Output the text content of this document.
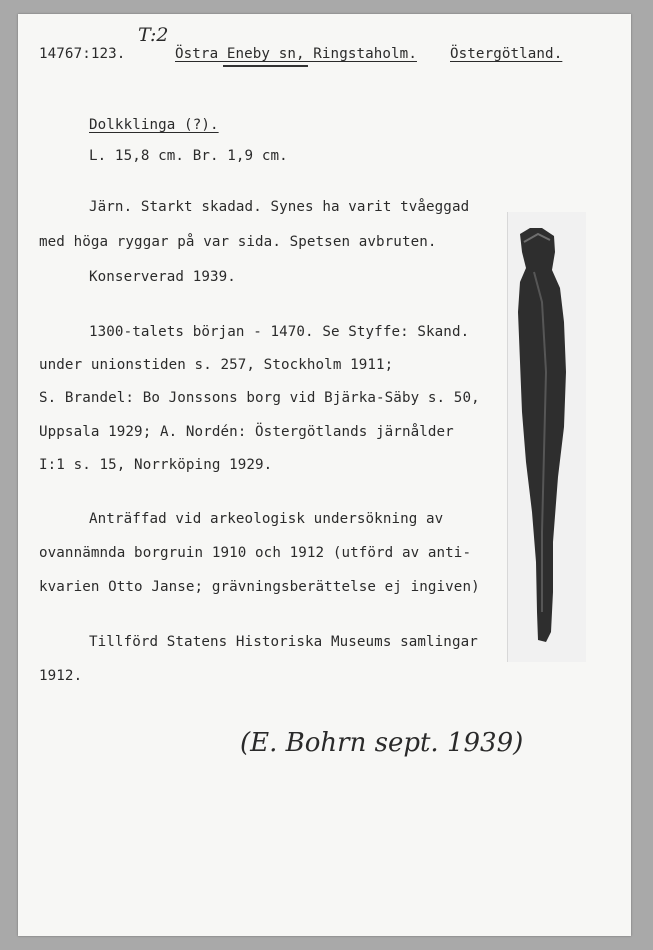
14767:123.
T:2
Östra Eneby sn, Ringstaholm. Östergötland.
Dolkklinga (?).
L. 15,8 cm. Br. 1,9 cm.
Järn. Starkt skadad. Synes ha varit tvåeggad
med höga ryggar på var sida. Spetsen avbruten.
Konserverad 1939.
1300-talets början - 1470. Se Styffe: Skand.
under unionstiden s. 257, Stockholm 1911;
S. Brandel: Bo Jonssons borg vid Bjärka-Säby s. 50,
Uppsala 1929; A. Nordén: Östergötlands järnålder
I:1 s. 15, Norrköping 1929.
Anträffad vid arkeologisk undersökning av
ovannämnda borgruin 1910 och 1912 (utförd av anti-
kvarien Otto Janse; grävningsberättelse ej ingiven)
Tillförd Statens Historiska Museums samlingar
1912.
(E. Bohrn sept. 1939)
